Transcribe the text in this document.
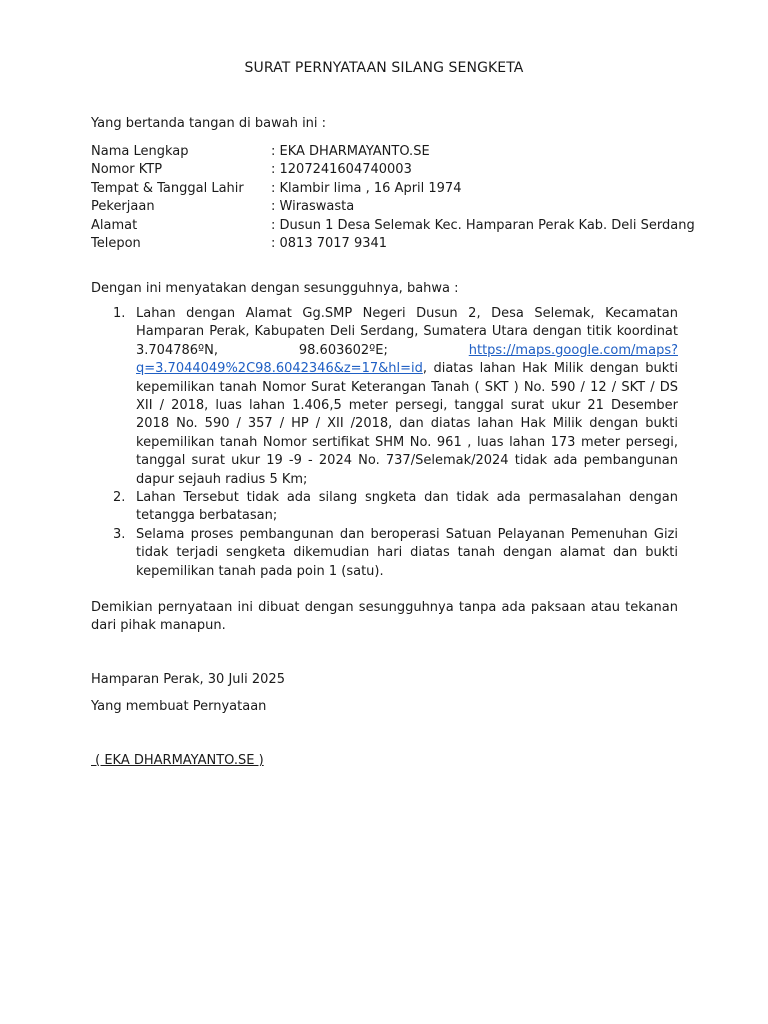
SURAT PERNYATAAN SILANG SENGKETA
Yang bertanda tangan di bawah ini :
Nama Lengkap	: EKA DHARMAYANTO.SE
Nomor KTP	: 1207241604740003
Tempat & Tanggal Lahir	: Klambir lima , 16 April 1974
Pekerjaan	: Wiraswasta
Alamat	: Dusun 1 Desa Selemak Kec. Hamparan Perak Kab. Deli Serdang
Telepon	: 0813 7017 9341
Dengan ini menyatakan dengan sesungguhnya, bahwa :
1. Lahan dengan Alamat Gg.SMP Negeri Dusun 2, Desa Selemak, Kecamatan Hamparan Perak, Kabupaten Deli Serdang, Sumatera Utara dengan titik koordinat 3.704786ºN, 98.603602ºE; https://maps.google.com/maps?q=3.7044049%2C98.6042346&z=17&hl=id, diatas lahan Hak Milik dengan bukti kepemilikan tanah Nomor Surat Keterangan Tanah ( SKT ) No. 590 / 12 / SKT / DS XII / 2018, luas lahan 1.406,5 meter persegi, tanggal surat ukur 21 Desember 2018 No. 590 / 357 / HP / XII /2018, dan diatas lahan Hak Milik dengan bukti kepemilikan tanah Nomor sertifikat SHM No. 961 , luas lahan 173 meter persegi, tanggal surat ukur 19 -9 - 2024 No. 737/Selemak/2024 tidak ada pembangunan dapur sejauh radius 5 Km;
2. Lahan Tersebut tidak ada silang sngketa dan tidak ada permasalahan dengan tetangga berbatasan;
3. Selama proses pembangunan dan beroperasi Satuan Pelayanan Pemenuhan Gizi tidak terjadi sengketa dikemudian hari diatas tanah dengan alamat dan bukti kepemilikan tanah pada poin 1 (satu).
Demikian pernyataan ini dibuat dengan sesungguhnya tanpa ada paksaan atau tekanan dari pihak manapun.
Hamparan Perak, 30 Juli 2025
Yang membuat Pernyataan
( EKA DHARMAYANTO.SE )
